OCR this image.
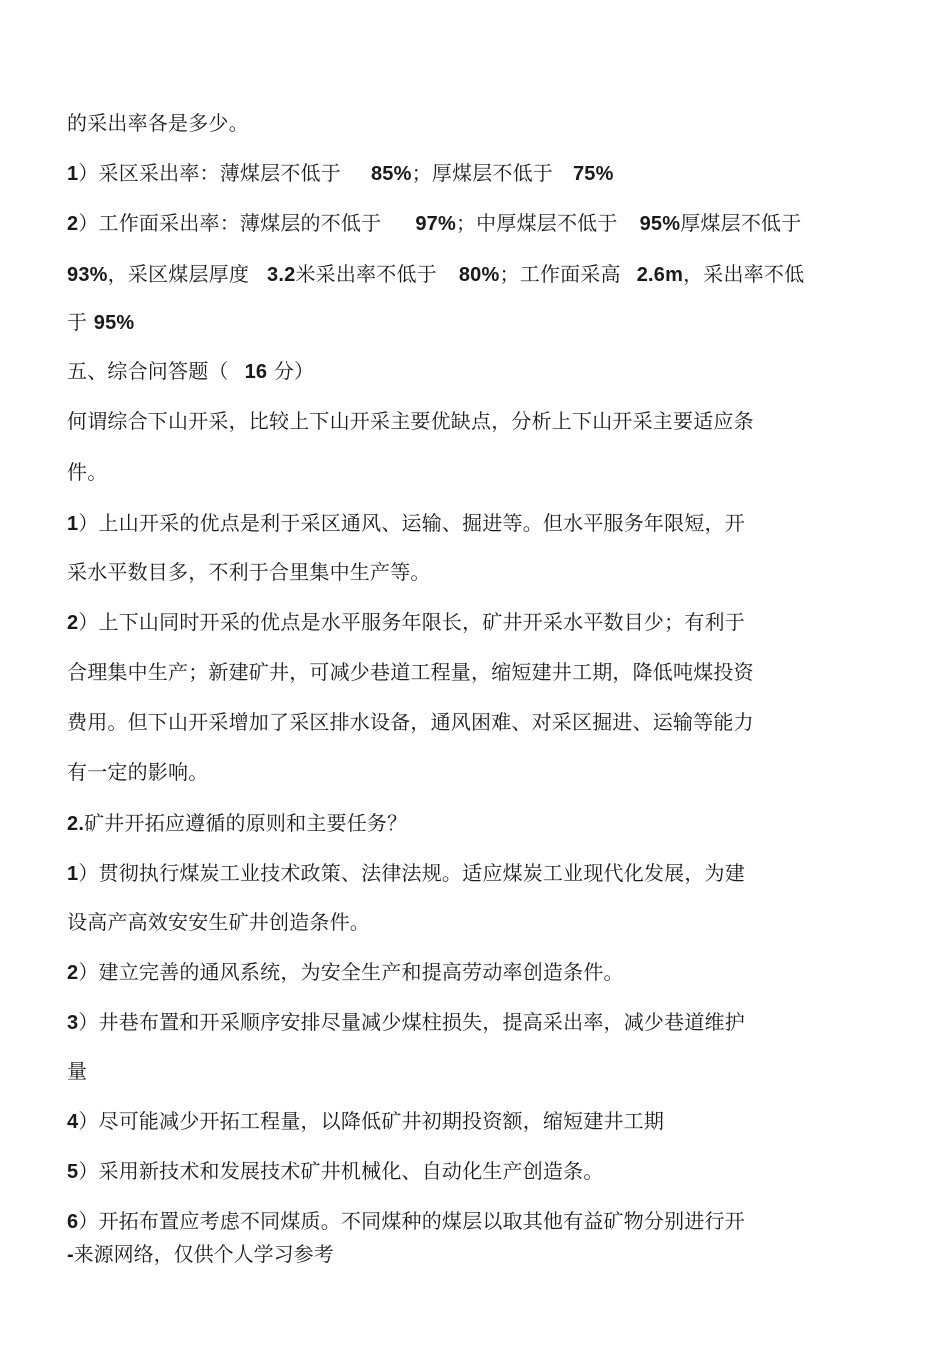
的采出率各是多少。
1）采区采出率：薄煤层不低于 85%；厚煤层不低于 75%
2）工作面采出率：薄煤层的不低于 97%；中厚煤层不低于 95%厚煤层不低于
93%，采区煤层厚度 3.2米采出率不低于 80%；工作面采高 2.6m，采出率不低
于 95%
五、综合问答题（ 16 分）
何谓综合下山开采，比较上下山开采主要优缺点，分析上下山开采主要适应条
件。
1）上山开采的优点是利于采区通风、运输、掘进等。但水平服务年限短，开
采水平数目多，不利于合里集中生产等。
2）上下山同时开采的优点是水平服务年限长，矿井开采水平数目少；有利于
合理集中生产；新建矿井，可减少巷道工程量，缩短建井工期，降低吨煤投资
费用。但下山开采增加了采区排水设备，通风困难、对采区掘进、运输等能力
有一定的影响。
2.矿井开拓应遵循的原则和主要任务？
1）贯彻执行煤炭工业技术政策、法律法规。适应煤炭工业现代化发展，为建
设高产高效安安生矿井创造条件。
2）建立完善的通风系统，为安全生产和提高劳动率创造条件。
3）井巷布置和开采顺序安排尽量减少煤柱损失，提高采出率，减少巷道维护
量
4）尽可能减少开拓工程量，以降低矿井初期投资额，缩短建井工期
5）采用新技术和发展技术矿井机械化、自动化生产创造条。
6）开拓布置应考虑不同煤质。不同煤种的煤层以取其他有益矿物分别进行开
-来源网络，仅供个人学习参考
